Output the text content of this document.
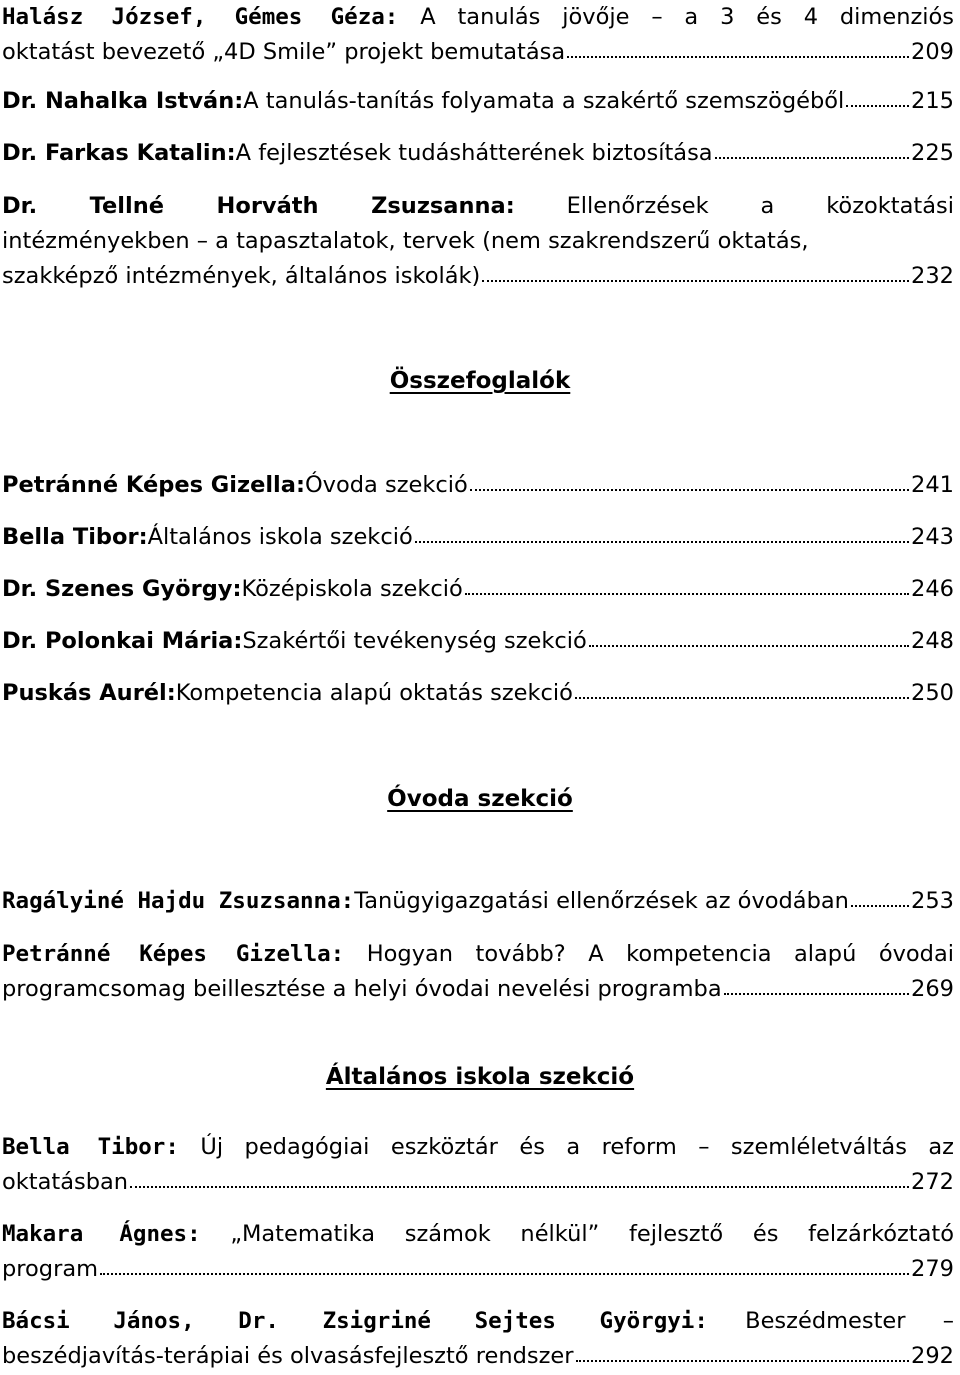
Halász József, Gémes Géza: A tanulás jövője – a 3 és 4 dimenziós
oktatást bevezető „4D Smile” projekt bemutatása	209
Dr. Nahalka István: A tanulás-tanítás folyamata a szakértő szemszögéből	215
Dr. Farkas Katalin: A fejlesztések tudáshátterének biztosítása	225
Dr. Tellné Horváth Zsuzsanna: Ellenőrzések a közoktatási
intézményekben – a tapasztalatok, tervek (nem szakrendszerű oktatás,
szakképző intézmények, általános iskolák)	232
Összefoglalók
Petránné Képes Gizella: Óvoda szekció	241
Bella Tibor: Általános iskola szekció	243
Dr. Szenes György: Középiskola szekció	246
Dr. Polonkai Mária: Szakértői tevékenység szekció	248
Puskás Aurél: Kompetencia alapú oktatás szekció	250
Óvoda szekció
Ragályiné Hajdu Zsuzsanna: Tanügyigazgatási ellenőrzések az óvodában	253
Petránné Képes Gizella: Hogyan tovább? A kompetencia alapú óvodai
programcsomag beillesztése a helyi óvodai nevelési programba	269
Általános iskola szekció
Bella Tibor: Új pedagógiai eszköztár és a reform – szemléletváltás az
oktatásban	272
Makara Ágnes: „Matematika számok nélkül” fejlesztő és felzárkóztató
program	279
Bácsi János, Dr. Zsigriné Sejtes Györgyi: Beszédmester –
beszédjavítás-terápiai és olvasásfejlesztő rendszer	292
